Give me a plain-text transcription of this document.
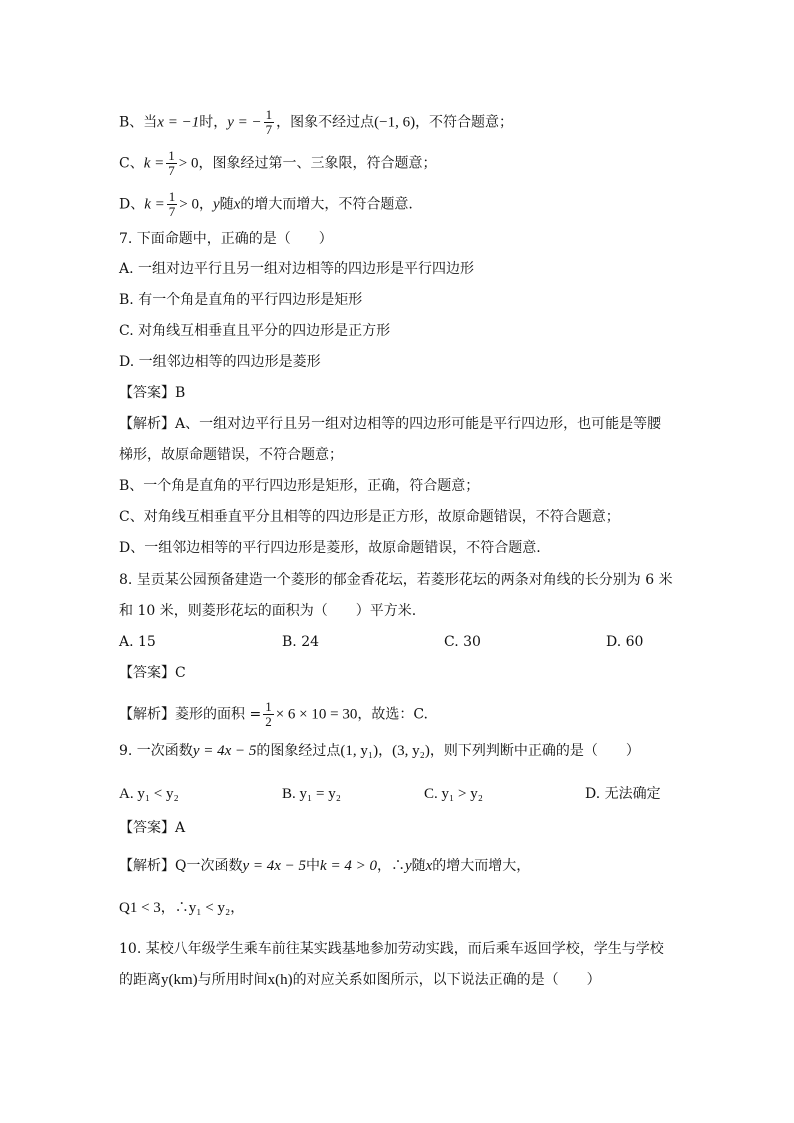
B、当x = −1时，y = − $\frac{1}{7}$ ，图象不经过点(−1, 6)，不符合题意；
C、$k = \frac{1}{7} > 0$，图象经过第一、三象限，符合题意；
D、$k = \frac{1}{7} > 0$，y随x的增大而增大，不符合题意.
7. 下面命题中，正确的是（　　）
A. 一组对边平行且另一组对边相等的四边形是平行四边形
B. 有一个角是直角的平行四边形是矩形
C. 对角线互相垂直且平分的四边形是正方形
D. 一组邻边相等的四边形是菱形
【答案】B
【解析】A、一组对边平行且另一组对边相等的四边形可能是平行四边形，也可能是等腰
梯形，故原命题错误，不符合题意；
B、一个角是直角的平行四边形是矩形，正确，符合题意；
C、对角线互相垂直平分且相等的四边形是正方形，故原命题错误，不符合题意；
D、一组邻边相等的平行四边形是菱形，故原命题错误，不符合题意.
8. 呈贡某公园预备建造一个菱形的郁金香花坛，若菱形花坛的两条对角线的长分别为 6 米
和 10 米，则菱形花坛的面积为（　　）平方米.
A. 15	B. 24	C. 30	D. 60
【答案】C
【解析】菱形的面积 = $\frac{1}{2} \times 6 \times 10 = 30$，故选：C.
9. 一次函数y = 4x − 5的图象经过点(1, y₁)，(3, y₂)，则下列判断中正确的是（　　）
A. y₁ < y₂	B. y₁ = y₂	C. y₁ > y₂	D. 无法确定
【答案】A
【解析】Q一次函数y = 4x − 5中k = 4 > 0，∴y随x的增大而增大，
Q1 < 3，∴y₁ < y₂，
10. 某校八年级学生乘车前往某实践基地参加劳动实践，而后乘车返回学校，学生与学校
的距离y(km)与所用时间x(h)的对应关系如图所示，以下说法正确的是（　　）
